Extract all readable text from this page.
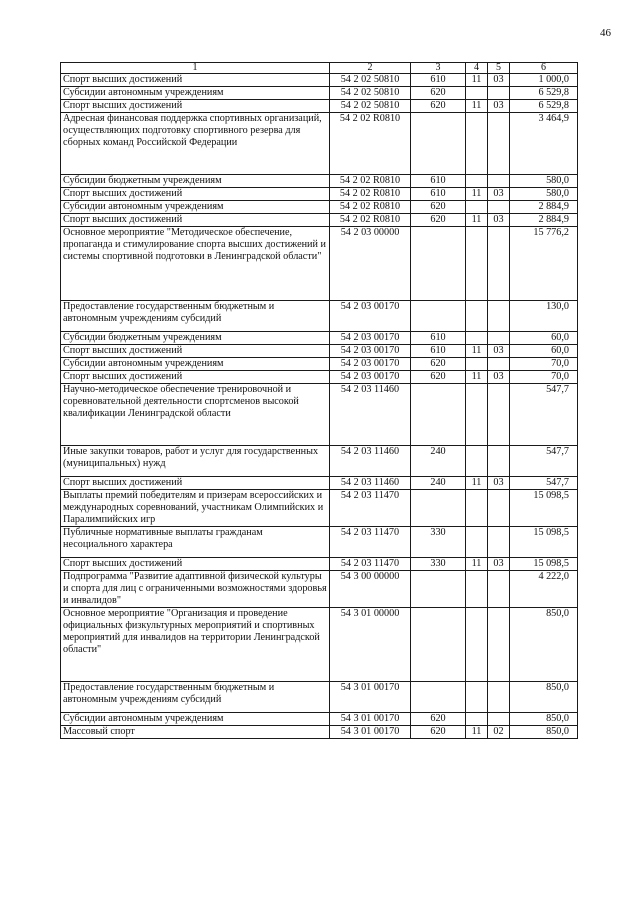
46
1	2	3	4	5	6
Спорт высших достижений	54 2 02 50810	610	11	03	1 000,0
Субсидии автономным учреждениям	54 2 02 50810	620			6 529,8
Спорт высших достижений	54 2 02 50810	620	11	03	6 529,8
Адресная финансовая поддержка спортивных организаций, осуществляющих подготовку спортивного резерва для сборных команд Российской Федерации	54 2 02 R0810				3 464,9
Субсидии бюджетным учреждениям	54 2 02 R0810	610			580,0
Спорт высших достижений	54 2 02 R0810	610	11	03	580,0
Субсидии автономным учреждениям	54 2 02 R0810	620			2 884,9
Спорт высших достижений	54 2 02 R0810	620	11	03	2 884,9
Основное мероприятие "Методическое обеспечение, пропаганда и стимулирование спорта высших достижений и системы спортивной подготовки в Ленинградской области"	54 2 03 00000				15 776,2
Предоставление государственным бюджетным и автономным учреждениям субсидий	54 2 03 00170				130,0
Субсидии бюджетным учреждениям	54 2 03 00170	610			60,0
Спорт высших достижений	54 2 03 00170	610	11	03	60,0
Субсидии автономным учреждениям	54 2 03 00170	620			70,0
Спорт высших достижений	54 2 03 00170	620	11	03	70,0
Научно-методическое обеспечение тренировочной и соревновательной деятельности спортсменов высокой квалификации Ленинградской области	54 2 03 11460				547,7
Иные закупки товаров, работ и услуг для государственных (муниципальных) нужд	54 2 03 11460	240			547,7
Спорт высших достижений	54 2 03 11460	240	11	03	547,7
Выплаты премий победителям и призерам всероссийских и международных соревнований, участникам Олимпийских и Паралимпийских игр	54 2 03 11470				15 098,5
Публичные нормативные выплаты гражданам несоциального характера	54 2 03 11470	330			15 098,5
Спорт высших достижений	54 2 03 11470	330	11	03	15 098,5
Подпрограмма "Развитие адаптивной физической культуры и спорта для лиц с ограниченными возможностями здоровья и инвалидов"	54 3 00 00000				4 222,0
Основное мероприятие "Организация и проведение официальных физкультурных мероприятий и спортивных мероприятий для инвалидов на территории Ленинградской области"	54 3 01 00000				850,0
Предоставление государственным бюджетным и автономным учреждениям субсидий	54 3 01 00170				850,0
Субсидии автономным учреждениям	54 3 01 00170	620			850,0
Массовый спорт	54 3 01 00170	620	11	02	850,0
